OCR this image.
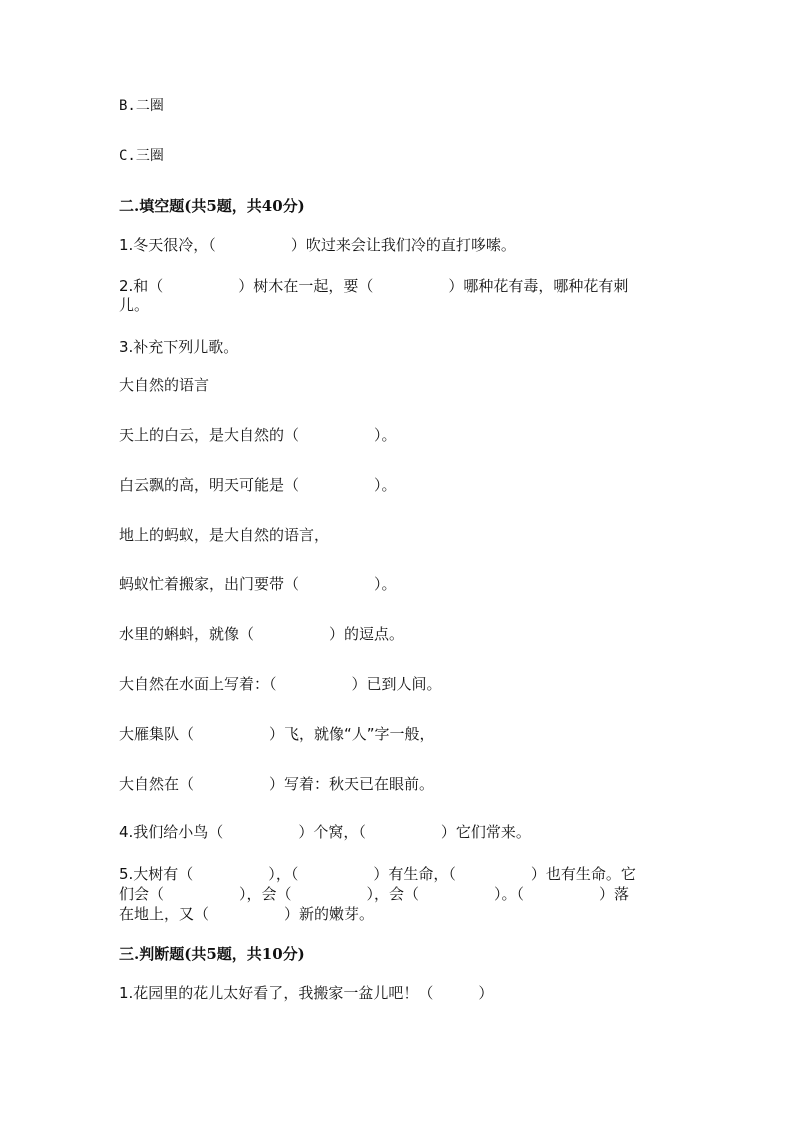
B.二圈

C.三圈

二.填空题(共5题，共40分)

1.冬天很冷，（　　　　　）吹过来会让我们冷的直打哆嗦。

2.和（　　　　　）树木在一起，要（　　　　　）哪种花有毒，哪种花有刺

儿。

3.补充下列儿歌。

大自然的语言

天上的白云，是大自然的（　　　　　）。

白云飘的高，明天可能是（　　　　　）。

地上的蚂蚁，是大自然的语言，

蚂蚁忙着搬家，出门要带（　　　　　）。

水里的蝌蚪，就像（　　　　　）的逗点。

大自然在水面上写着：（　　　　　）已到人间。

大雁集队（　　　　　）飞，就像“人”字一般，

大自然在（　　　　　）写着：秋天已在眼前。

4.我们给小鸟（　　　　　）个窝，（　　　　　）它们常来。

5.大树有（　　　　　），（　　　　　）有生命，（　　　　　）也有生命。它

们会（　　　　　），会（　　　　　），会（　　　　　）。（　　　　　）落

在地上，又（　　　　　）新的嫩芽。

三.判断题(共5题，共10分)

1.花园里的花儿太好看了，我搬家一盆儿吧！（　　　）
